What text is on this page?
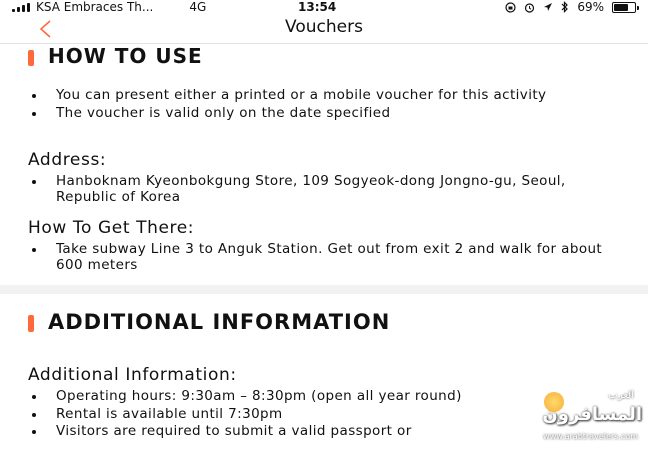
KSA Embraces Th...	4G	13:54	69%
Vouchers
HOW TO USE
You can present either a printed or a mobile voucher for this activity
The voucher is valid only on the date specified
Address:
Hanboknam Kyeonbokgung Store, 109 Sogyeok-dong Jongno-gu, Seoul, Republic of Korea
How To Get There:
Take subway Line 3 to Anguk Station. Get out from exit 2 and walk for about 600 meters
ADDITIONAL INFORMATION
Additional Information:
Operating hours: 9:30am – 8:30pm (open all year round)
Rental is available until 7:30pm
Visitors are required to submit a valid passport or
العرب
المسافرون
www.arabtravelers.com
